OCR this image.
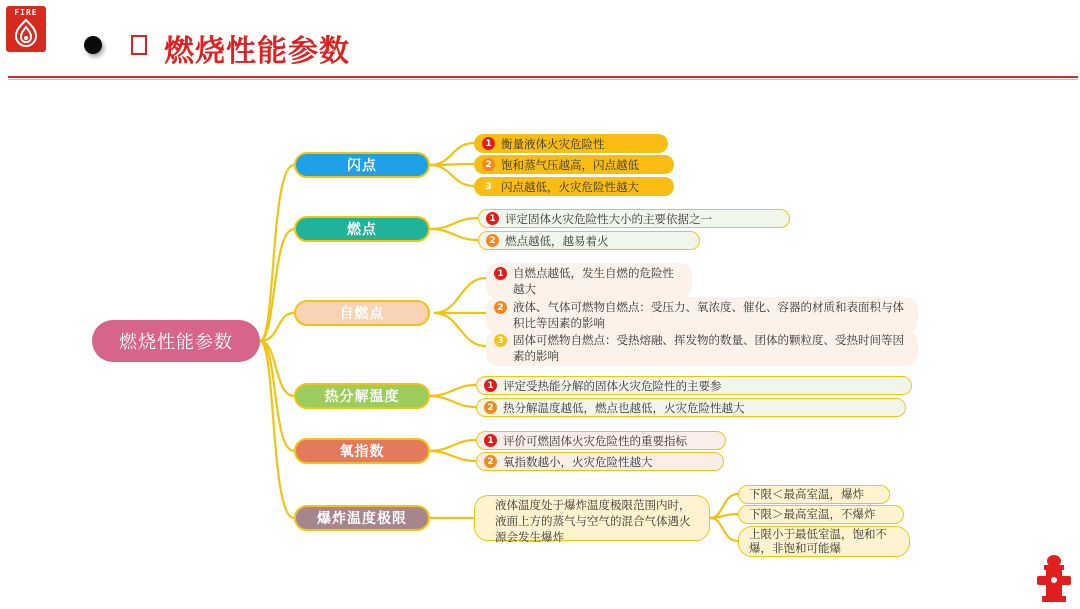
FIRE
燃烧性能参数
燃烧性能参数
闪点
燃点
自燃点
热分解温度
氧指数
爆炸温度极限
1 衡量液体火灾危险性
2 饱和蒸气压越高，闪点越低
3 闪点越低，火灾危险性越大
1 评定固体火灾危险性大小的主要依据之一
2 燃点越低，越易着火
1 自燃点越低，发生自燃的危险性越大
2 液体、气体可燃物自燃点：受压力、氧浓度、催化、容器的材质和表面积与体积比等因素的影响
3 固体可燃物自燃点：受热熔融、挥发物的数量、团体的颗粒度、受热时间等因素的影响
1 评定受热能分解的固体火灾危险性的主要参
2 热分解温度越低，燃点也越低，火灾危险性越大
1 评价可燃固体火灾危险性的重要指标
2 氧指数越小，火灾危险性越大
液体温度处于爆炸温度极限范围内时，液面上方的蒸气与空气的混合气体遇火源会发生爆炸
下限＜最高室温，爆炸
下限＞最高室温，不爆炸
上限小于最低室温，饱和不爆，非饱和可能爆
